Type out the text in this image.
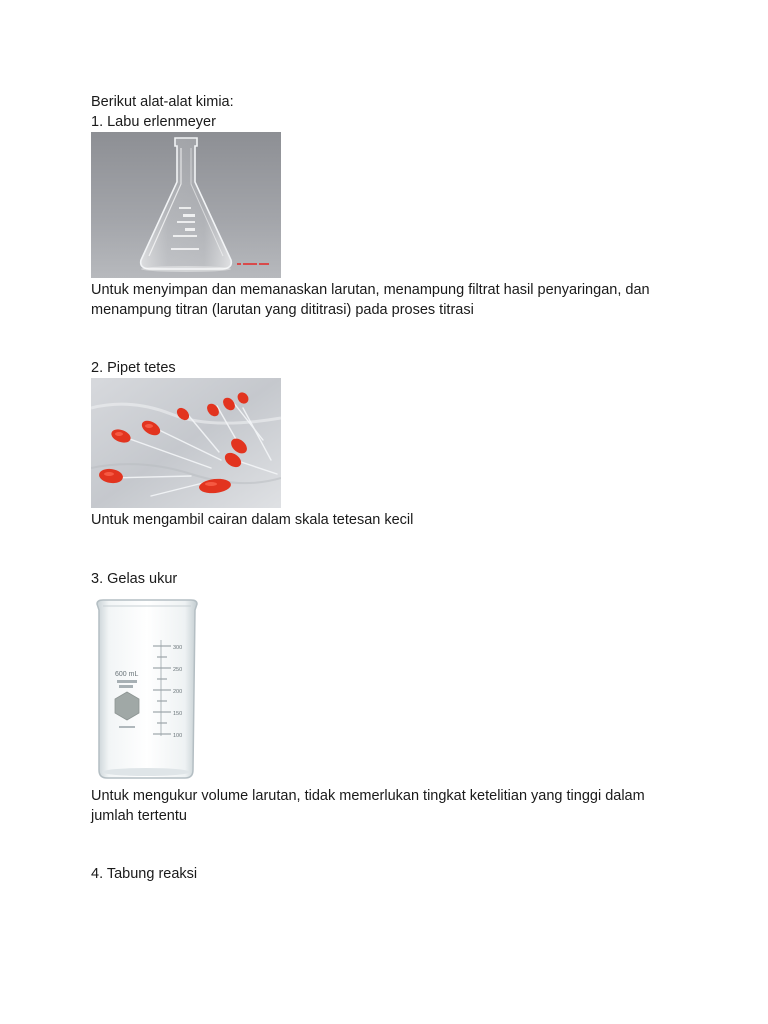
Berikut alat-alat kimia:
1. Labu erlenmeyer
Untuk menyimpan dan memanaskan larutan, menampung filtrat hasil penyaringan, dan
menampung titran (larutan yang dititrasi) pada proses titrasi
2. Pipet tetes
Untuk mengambil cairan dalam skala tetesan kecil
3. Gelas ukur
300
250
200
150
100
600 mL
Untuk mengukur volume larutan, tidak memerlukan tingkat ketelitian yang tinggi dalam
jumlah tertentu
4. Tabung reaksi
